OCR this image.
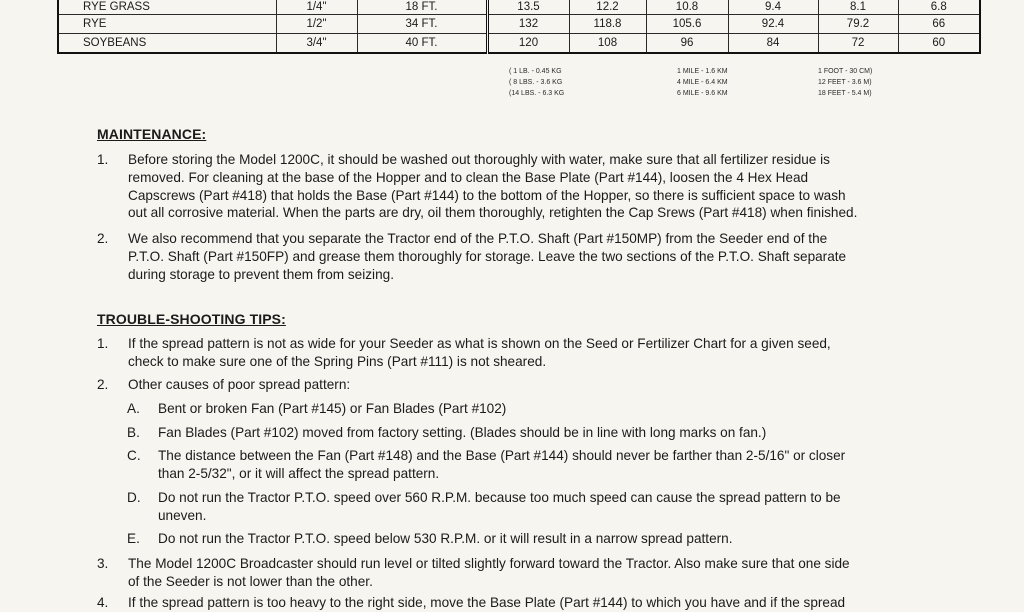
RYE GRASS	1/4"	18 FT.	13.5	12.2	10.8	9.4	8.1	6.8
RYE	1/2"	34 FT.	132	118.8	105.6	92.4	79.2	66
SOYBEANS	3/4"	40 FT.	120	108	96	84	72	60
( 1 LB. - 0.45 KG
( 8 LBS. - 3.6 KG
(14 LBS. - 6.3 KG
1 MILE - 1.6 KM
4 MILE - 6.4 KM
6 MILE - 9.6 KM
1 FOOT - 30 CM)
12 FEET - 3.6 M)
18 FEET - 5.4 M)
MAINTENANCE:
1. Before storing the Model 1200C, it should be washed out thoroughly with water, make sure that all fertilizer residue is
removed. For cleaning at the base of the Hopper and to clean the Base Plate (Part #144), loosen the 4 Hex Head
Capscrews (Part #418) that holds the Base (Part #144) to the bottom of the Hopper, so there is sufficient space to wash
out all corrosive material. When the parts are dry, oil them thoroughly, retighten the Cap Srews (Part #418) when finished.
2. We also recommend that you separate the Tractor end of the P.T.O. Shaft (Part #150MP) from the Seeder end of the
P.T.O. Shaft (Part #150FP) and grease them thoroughly for storage. Leave the two sections of the P.T.O. Shaft separate
during storage to prevent them from seizing.
TROUBLE-SHOOTING TIPS:
1. If the spread pattern is not as wide for your Seeder as what is shown on the Seed or Fertilizer Chart for a given seed,
check to make sure one of the Spring Pins (Part #111) is not sheared.
2. Other causes of poor spread pattern:
A. Bent or broken Fan (Part #145) or Fan Blades (Part #102)
B. Fan Blades (Part #102) moved from factory setting. (Blades should be in line with long marks on fan.)
C. The distance between the Fan (Part #148) and the Base (Part #144) should never be farther than 2-5/16" or closer
than 2-5/32", or it will affect the spread pattern.
D. Do not run the Tractor P.T.O. speed over 560 R.P.M. because too much speed can cause the spread pattern to be
uneven.
E. Do not run the Tractor P.T.O. speed below 530 R.P.M. or it will result in a narrow spread pattern.
3. The Model 1200C Broadcaster should run level or tilted slightly forward toward the Tractor. Also make sure that one side
of the Seeder is not lower than the other.
4. If the spread pattern is too heavy to the right side, move the Base Plate (Part #144) to which you have and if the spread
